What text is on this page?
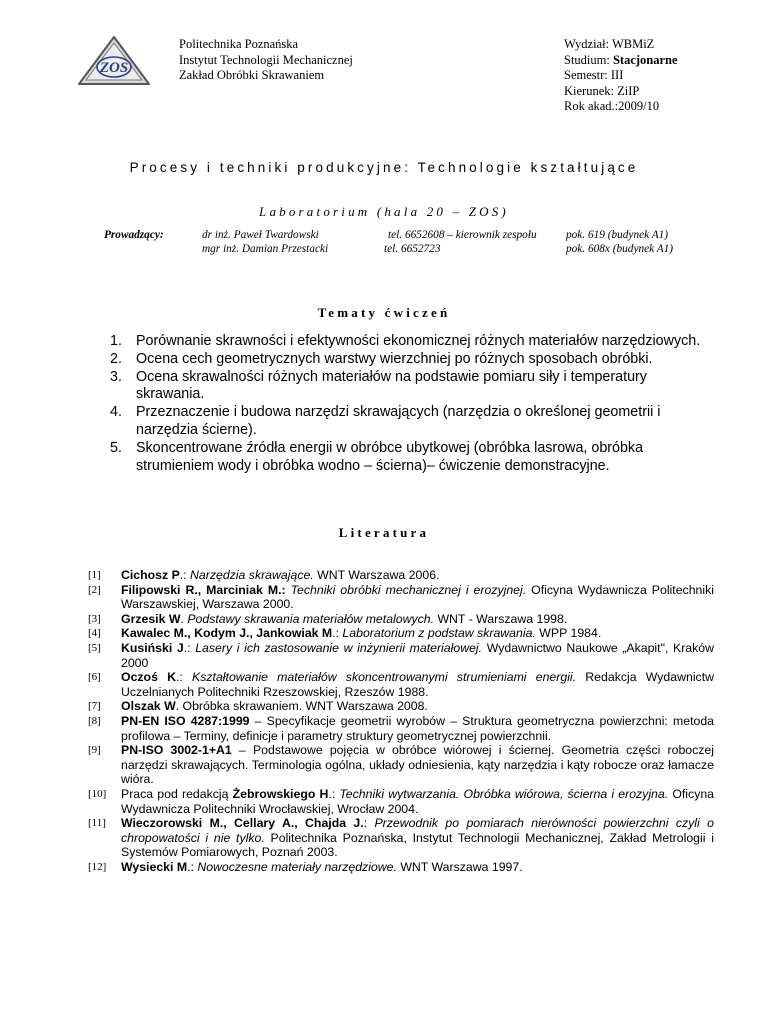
ZOS
Politechnika Poznańska
Instytut Technologii Mechanicznej
Zakład Obróbki Skrawaniem
Wydział: WBMiZ
Studium: Stacjonarne
Semestr: III
Kierunek: ZiIP
Rok akad.:2009/10
Procesy i techniki produkcyjne: Technologie kształtujące
Laboratorium (hala 20 – ZOS)
Prowadzący:	dr inż. Paweł Twardowski	tel. 6652608 – kierownik zespołu	pok. 619 (budynek A1)
mgr inż. Damian Przestacki	tel. 6652723	pok. 608x (budynek A1)
Tematy ćwiczeń
1. Porównanie skrawności i efektywności ekonomicznej różnych materiałów narzędziowych.
2. Ocena cech geometrycznych warstwy wierzchniej po różnych sposobach obróbki.
3. Ocena skrawalności różnych materiałów na podstawie pomiaru siły i temperatury skrawania.
4. Przeznaczenie i budowa narzędzi skrawających (narzędzia o określonej geometrii i narzędzia ścierne).
5. Skoncentrowane źródła energii w obróbce ubytkowej (obróbka lasrowa, obróbka strumieniem wody i obróbka wodno – ścierna)– ćwiczenie demonstracyjne.
Literatura
[1] Cichosz P.: Narzędzia skrawające. WNT Warszawa 2006.
[2] Filipowski R., Marciniak M.: Techniki obróbki mechanicznej i erozyjnej. Oficyna Wydawnicza Politechniki Warszawskiej, Warszawa 2000.
[3] Grzesik W. Podstawy skrawania materiałów metalowych. WNT - Warszawa 1998.
[4] Kawalec M., Kodym J., Jankowiak M.: Laboratorium z podstaw skrawania. WPP 1984.
[5] Kusiński J.: Lasery i ich zastosowanie w inżynierii materiałowej. Wydawnictwo Naukowe „Akapit", Kraków 2000
[6] Oczoś K.: Kształtowanie materiałów skoncentrowanymi strumieniami energii. Redakcja Wydawnictw Uczelnianych Politechniki Rzeszowskiej, Rzeszów 1988.
[7] Olszak W. Obróbka skrawaniem. WNT Warszawa 2008.
[8] PN-EN ISO 4287:1999 – Specyfikacje geometrii wyrobów – Struktura geometryczna powierzchni: metoda profilowa – Terminy, definicje i parametry struktury geometrycznej powierzchnii.
[9] PN-ISO 3002-1+A1 – Podstawowe pojęcia w obróbce wiórowej i ściernej. Geometria części roboczej narzędzi skrawających. Terminologia ogólna, układy odniesienia, kąty narzędzia i kąty robocze oraz łamacze wióra.
[10] Praca pod redakcją Żebrowskiego H.: Techniki wytwarzania. Obróbka wiórowa, ścierna i erozyjna. Oficyna Wydawnicza Politechniki Wrocławskiej, Wrocław 2004.
[11] Wieczorowski M., Cellary A., Chajda J.: Przewodnik po pomiarach nierówności powierzchni czyli o chropowatości i nie tylko. Politechnika Poznańska, Instytut Technologii Mechanicznej, Zakład Metrologii i Systemów Pomiarowych, Poznań 2003.
[12] Wysiecki M.: Nowoczesne materiały narzędziowe. WNT Warszawa 1997.
